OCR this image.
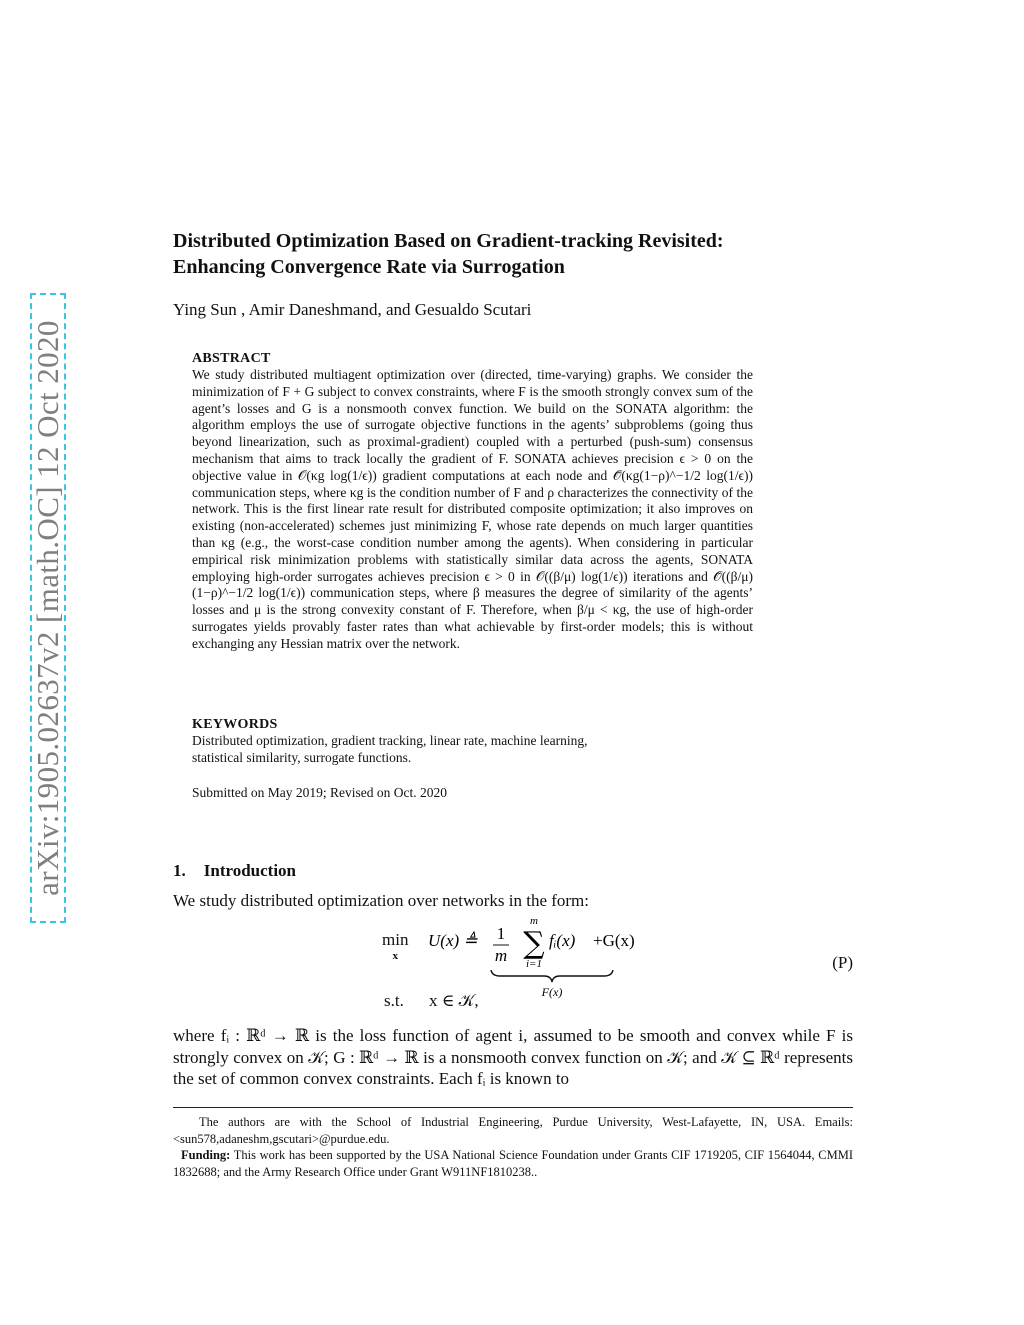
arXiv:1905.02637v2 [math.OC] 12 Oct 2020
Distributed Optimization Based on Gradient-tracking Revisited:
Enhancing Convergence Rate via Surrogation
Ying Sun , Amir Daneshmand, and Gesualdo Scutari
ABSTRACT

We study distributed multiagent optimization over (directed, time-varying) graphs. We consider the minimization of F + G subject to convex constraints, where F is the smooth strongly convex sum of the agent’s losses and G is a nonsmooth convex function. We build on the SONATA algorithm: the algorithm employs the use of surrogate objective functions in the agents’ subproblems (going thus beyond linearization, such as proximal-gradient) coupled with a perturbed (push-sum) consensus mechanism that aims to track locally the gradient of F. SONATA achieves precision ϵ > 0 on the objective value in 𝒪(κg log(1/ϵ)) gradient computations at each node and 𝒪̃(κg(1−ρ)^−1/2 log(1/ϵ)) communication steps, where κg is the condition number of F and ρ characterizes the connectivity of the network. This is the first linear rate result for distributed composite optimization; it also improves on existing (non-accelerated) schemes just minimizing F, whose rate depends on much larger quantities than κg (e.g., the worst-case condition number among the agents). When considering in particular empirical risk minimization problems with statistically similar data across the agents, SONATA employing high-order surrogates achieves precision ϵ > 0 in 𝒪((β/μ) log(1/ϵ)) iterations and 𝒪̃((β/μ)(1−ρ)^−1/2 log(1/ϵ)) communication steps, where β measures the degree of similarity of the agents’ losses and μ is the strong convexity constant of F. Therefore, when β/μ < κg, the use of high-order surrogates yields provably faster rates than what achievable by first-order models; this is without exchanging any Hessian matrix over the network.

KEYWORDS

Distributed optimization, gradient tracking, linear rate, machine learning,

statistical similarity, surrogate functions.

Submitted on May 2019; Revised on Oct. 2020
1. Introduction
We study distributed optimization over networks in the form:
min
x
U(x) ≜ 1
m
m
∑
i=1
fᵢ(x) +G(x)
F(x)
s.t. x ∈ 𝒦,
(P)

where fᵢ : ℝᵈ → ℝ is the loss function of agent i, assumed to be smooth and convex while F is strongly convex on 𝒦; G : ℝᵈ → ℝ is a nonsmooth convex function on 𝒦; and 𝒦 ⊆ ℝᵈ represents the set of common convex constraints. Each fᵢ is known to

The authors are with the School of Industrial Engineering, Purdue University, West-Lafayette, IN, USA. Emails: <sun578,adaneshm,gscutari>@purdue.edu.

Funding: This work has been supported by the USA National Science Foundation under Grants CIF 1719205, CIF 1564044, CMMI 1832688; and the Army Research Office under Grant W911NF1810238..
